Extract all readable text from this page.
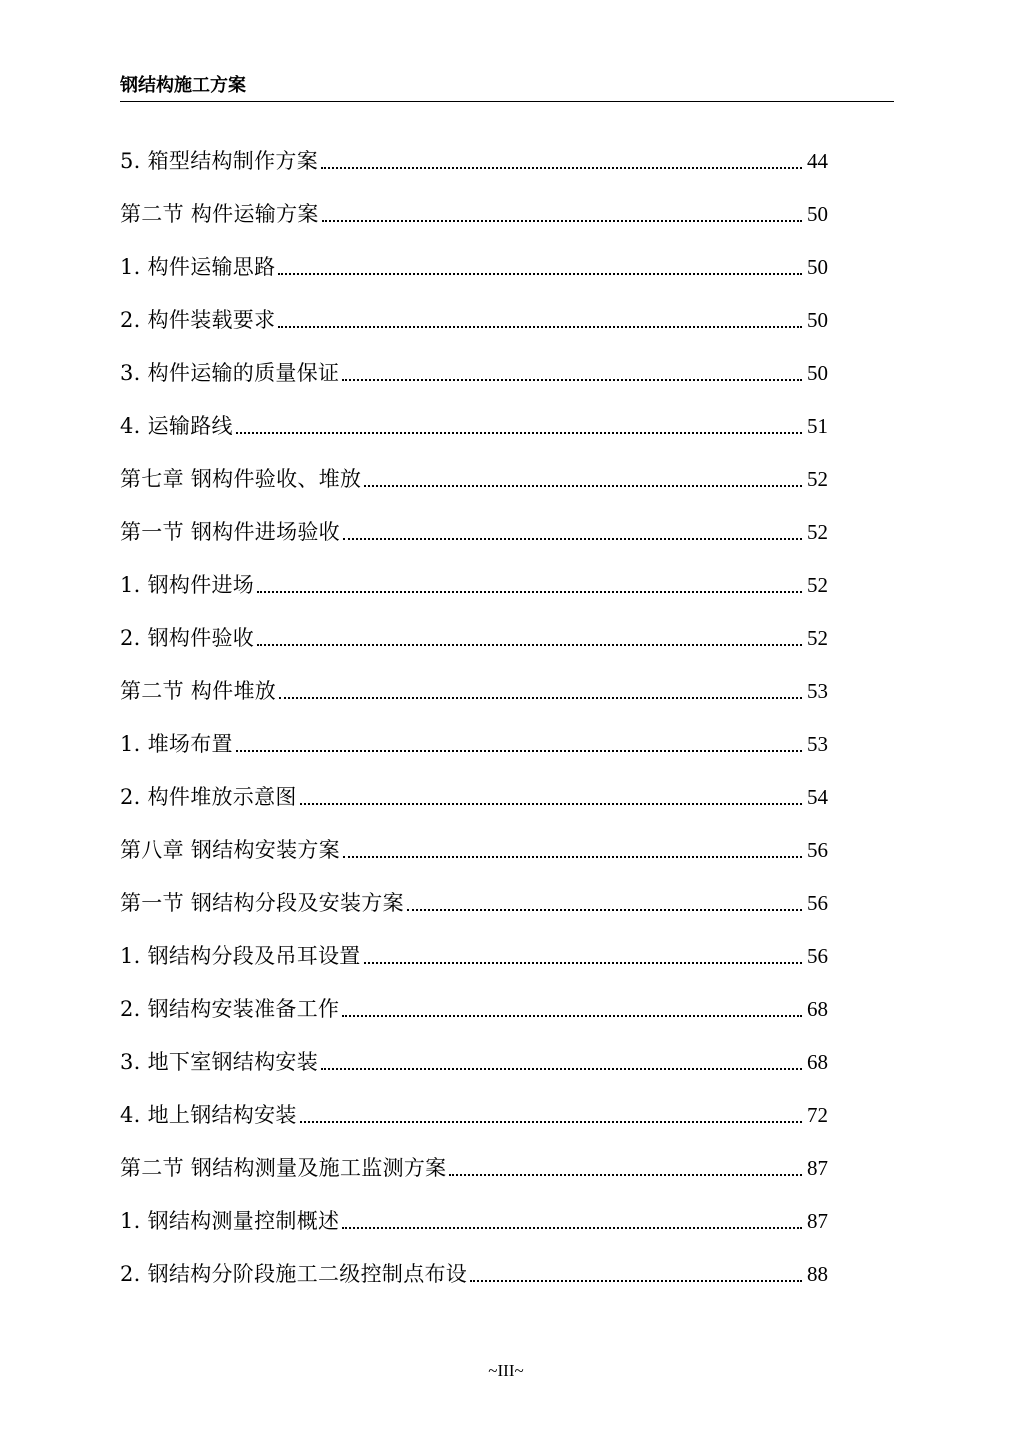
钢结构施工方案
5. 箱型结构制作方案	44
第二节 构件运输方案	50
1. 构件运输思路	50
2. 构件装载要求	50
3. 构件运输的质量保证	50
4. 运输路线	51
第七章 钢构件验收、堆放	52
第一节 钢构件进场验收	52
1. 钢构件进场	52
2. 钢构件验收	52
第二节 构件堆放	53
1. 堆场布置	53
2. 构件堆放示意图	54
第八章 钢结构安装方案	56
第一节 钢结构分段及安装方案	56
1. 钢结构分段及吊耳设置	56
2. 钢结构安装准备工作	68
3. 地下室钢结构安装	68
4. 地上钢结构安装	72
第二节 钢结构测量及施工监测方案	87
1. 钢结构测量控制概述	87
2. 钢结构分阶段施工二级控制点布设	88
~III~
